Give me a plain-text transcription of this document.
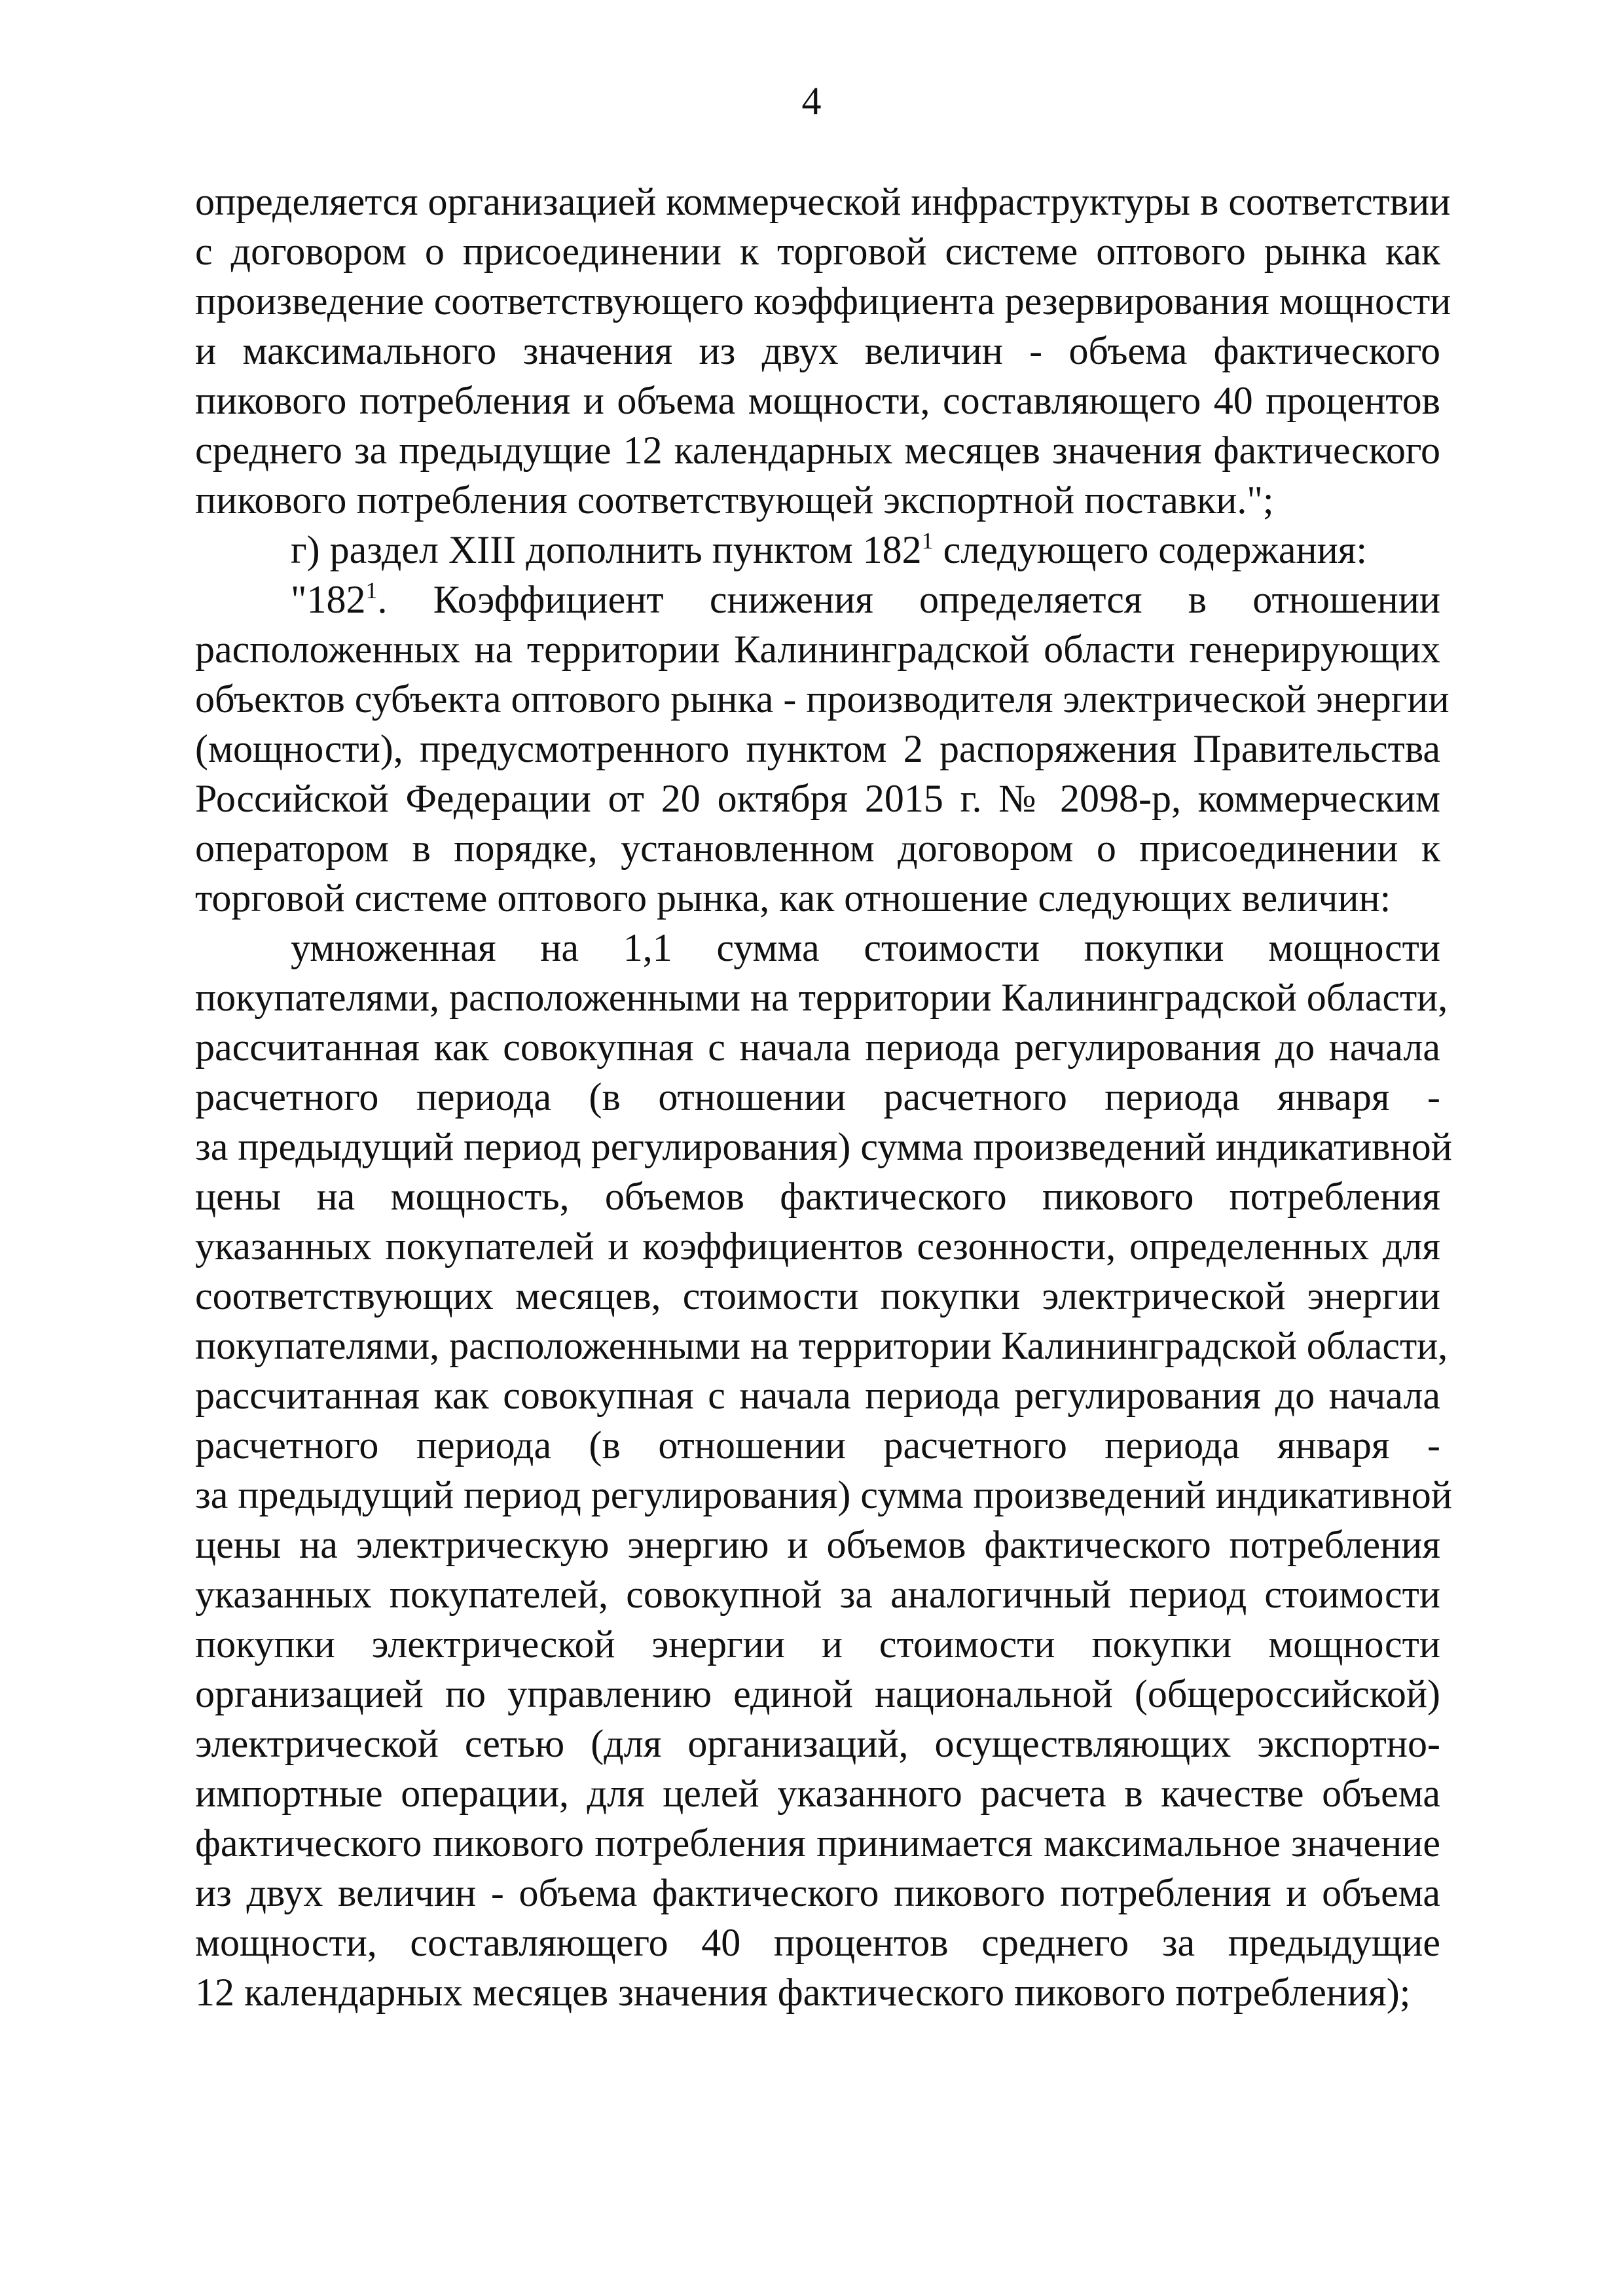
4
определяется организацией коммерческой инфраструктуры в соответствии
с договором о присоединении к торговой системе оптового рынка как
произведение соответствующего коэффициента резервирования мощности
и максимального значения из двух величин - объема фактического
пикового потребления и объема мощности, составляющего 40 процентов
среднего за предыдущие 12 календарных месяцев значения фактического
пикового потребления соответствующей экспортной поставки.";
г) раздел XIII дополнить пунктом $182^1$ следующего содержания:
"$182^1$. Коэффициент снижения определяется в отношении
расположенных на территории Калининградской области генерирующих
объектов субъекта оптового рынка - производителя электрической энергии
(мощности), предусмотренного пунктом 2 распоряжения Правительства
Российской Федерации от 20 октября 2015 г. № 2098-р, коммерческим
оператором в порядке, установленном договором о присоединении к
торговой системе оптового рынка, как отношение следующих величин:
умноженная на 1,1 сумма стоимости покупки мощности
покупателями, расположенными на территории Калининградской области,
рассчитанная как совокупная с начала периода регулирования до начала
расчетного периода (в отношении расчетного периода января -
за предыдущий период регулирования) сумма произведений индикативной
цены на мощность, объемов фактического пикового потребления
указанных покупателей и коэффициентов сезонности, определенных для
соответствующих месяцев, стоимости покупки электрической энергии
покупателями, расположенными на территории Калининградской области,
рассчитанная как совокупная с начала периода регулирования до начала
расчетного периода (в отношении расчетного периода января -
за предыдущий период регулирования) сумма произведений индикативной
цены на электрическую энергию и объемов фактического потребления
указанных покупателей, совокупной за аналогичный период стоимости
покупки электрической энергии и стоимости покупки мощности
организацией по управлению единой национальной (общероссийской)
электрической сетью (для организаций, осуществляющих экспортно-
импортные операции, для целей указанного расчета в качестве объема
фактического пикового потребления принимается максимальное значение
из двух величин - объема фактического пикового потребления и объема
мощности, составляющего 40 процентов среднего за предыдущие
12 календарных месяцев значения фактического пикового потребления);
